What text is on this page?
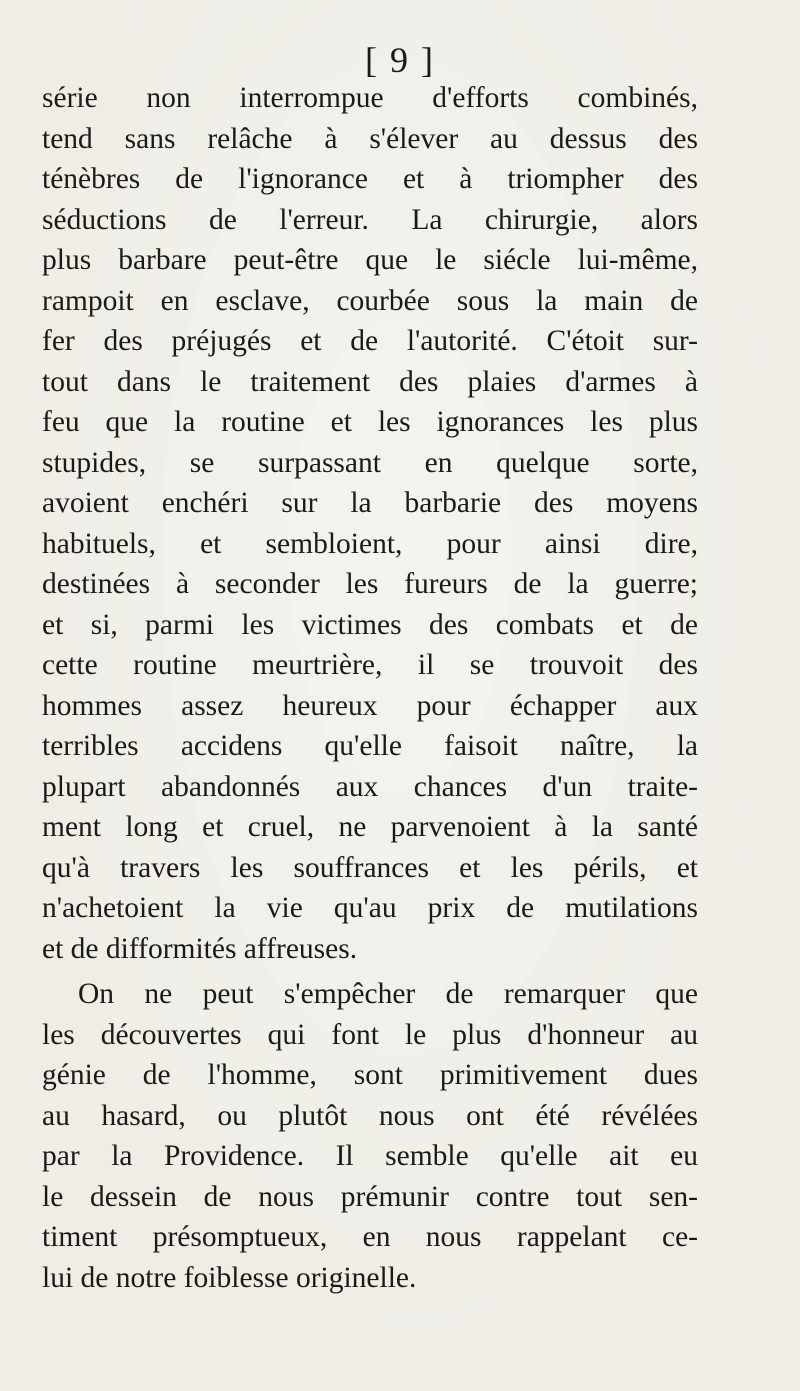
[ 9 ]

série non interrompue d'efforts combinés,
tend sans relâche à s'élever au dessus des
ténèbres de l'ignorance et à triompher des
séductions de l'erreur. La chirurgie, alors
plus barbare peut-être que le siécle lui-même,
rampoit en esclave, courbée sous la main de
fer des préjugés et de l'autorité. C'étoit sur-
tout dans le traitement des plaies d'armes à
feu que la routine et les ignorances les plus
stupides, se surpassant en quelque sorte,
avoient enchéri sur la barbarie des moyens
habituels, et sembloient, pour ainsi dire,
destinées à seconder les fureurs de la guerre;
et si, parmi les victimes des combats et de
cette routine meurtrière, il se trouvoit des
hommes assez heureux pour échapper aux
terribles accidens qu'elle faisoit naître, la
plupart abandonnés aux chances d'un traite-
ment long et cruel, ne parvenoient à la santé
qu'à travers les souffrances et les périls, et
n'achetoient la vie qu'au prix de mutilations
et de difformités affreuses.

On ne peut s'empêcher de remarquer que
les découvertes qui font le plus d'honneur au
génie de l'homme, sont primitivement dues
au hasard, ou plutôt nous ont été révélées
par la Providence. Il semble qu'elle ait eu
le dessein de nous prémunir contre tout sen-
timent présomptueux, en nous rappelant ce-
lui de notre foiblesse originelle.
